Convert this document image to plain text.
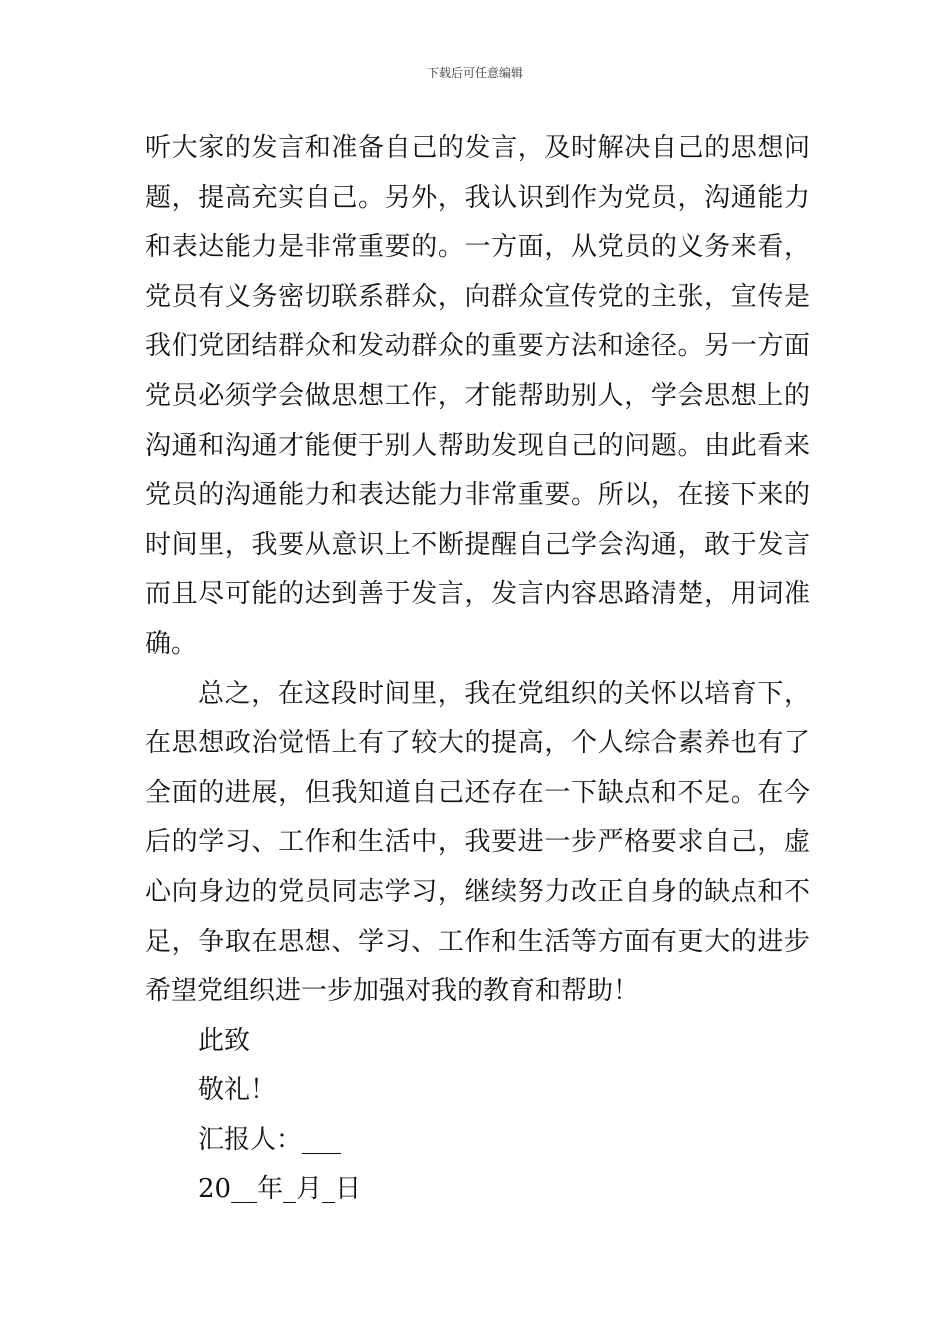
下载后可任意编辑
听大家的发言和准备自己的发言，及时解决自己的思想问
题，提高充实自己。另外，我认识到作为党员，沟通能力
和表达能力是非常重要的。一方面，从党员的义务来看，
党员有义务密切联系群众，向群众宣传党的主张，宣传是
我们党团结群众和发动群众的重要方法和途径。另一方面
党员必须学会做思想工作，才能帮助别人，学会思想上的
沟通和沟通才能便于别人帮助发现自己的问题。由此看来
党员的沟通能力和表达能力非常重要。所以，在接下来的
时间里，我要从意识上不断提醒自己学会沟通，敢于发言
而且尽可能的达到善于发言，发言内容思路清楚，用词准
确。
总之，在这段时间里，我在党组织的关怀以培育下，
在思想政治觉悟上有了较大的提高，个人综合素养也有了
全面的进展，但我知道自己还存在一下缺点和不足。在今
后的学习、工作和生活中，我要进一步严格要求自己，虚
心向身边的党员同志学习，继续努力改正自身的缺点和不
足，争取在思想、学习、工作和生活等方面有更大的进步
希望党组织进一步加强对我的教育和帮助！
此致
敬礼！
汇报人：___
20__年_月_日
